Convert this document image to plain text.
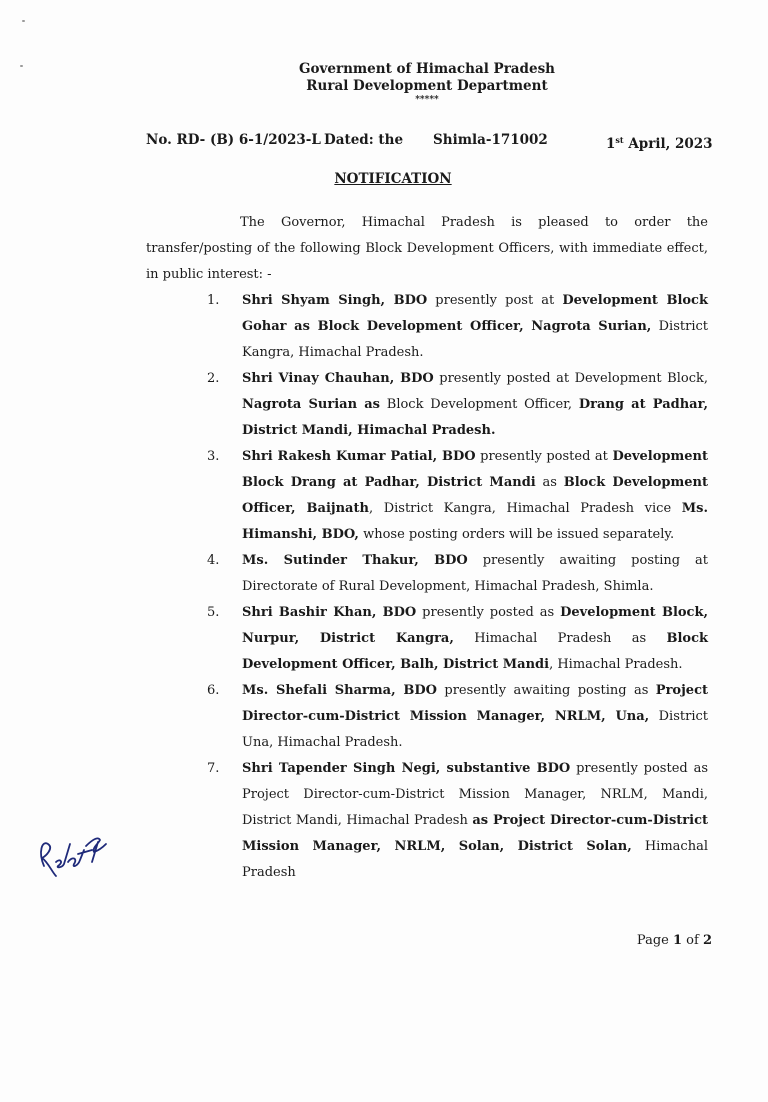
Government of Himachal Pradesh
Rural Development Department
*****
No. RD- (B) 6-1/2023-L Dated: the Shimla-171002	1st April, 2023
NOTIFICATION

The Governor, Himachal Pradesh is pleased to order the transfer/posting of the following Block Development Officers, with immediate effect, in public interest: -

1. Shri Shyam Singh, BDO presently post at Development Block Gohar as Block Development Officer, Nagrota Surian, District Kangra, Himachal Pradesh.
2. Shri Vinay Chauhan, BDO presently posted at Development Block, Nagrota Surian as Block Development Officer, Drang at Padhar, District Mandi, Himachal Pradesh.
3. Shri Rakesh Kumar Patial, BDO presently posted at Development Block Drang at Padhar, District Mandi as Block Development Officer, Baijnath, District Kangra, Himachal Pradesh vice Ms. Himanshi, BDO, whose posting orders will be issued separately.
4. Ms. Sutinder Thakur, BDO presently awaiting posting at Directorate of Rural Development, Himachal Pradesh, Shimla.
5. Shri Bashir Khan, BDO presently posted as Development Block, Nurpur, District Kangra, Himachal Pradesh as Block Development Officer, Balh, District Mandi, Himachal Pradesh.
6. Ms. Shefali Sharma, BDO presently awaiting posting as Project Director-cum-District Mission Manager, NRLM, Una, District Una, Himachal Pradesh.
7. Shri Tapender Singh Negi, substantive BDO presently posted as Project Director-cum-District Mission Manager, NRLM, Mandi, District Mandi, Himachal Pradesh as Project Director-cum-District Mission Manager, NRLM, Solan, District Solan, Himachal Pradesh
Page 1 of 2
